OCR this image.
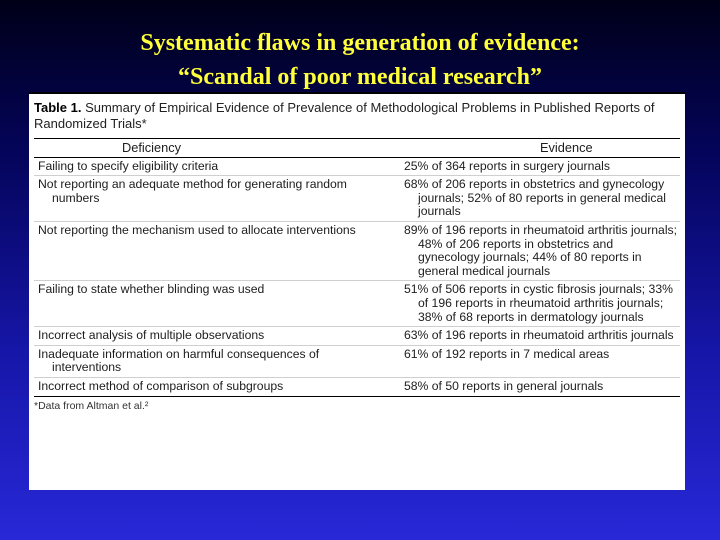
Systematic flaws in generation of evidence:
“Scandal of poor medical research”
Table 1. Summary of Empirical Evidence of Prevalence of Methodological Problems in Published Reports of Randomized Trials*
Deficiency	Evidence

Failing to specify eligibility criteria	25% of 364 reports in surgery journals

Not reporting an adequate method for generating random numbers	68% of 206 reports in obstetrics and gynecology journals; 52% of 80 reports in general medical journals

Not reporting the mechanism used to allocate interventions	89% of 196 reports in rheumatoid arthritis journals; 48% of 206 reports in obstetrics and gynecology journals; 44% of 80 reports in general medical journals

Failing to state whether blinding was used	51% of 506 reports in cystic fibrosis journals; 33% of 196 reports in rheumatoid arthritis journals; 38% of 68 reports in dermatology journals

Incorrect analysis of multiple observations	63% of 196 reports in rheumatoid arthritis journals

Inadequate information on harmful consequences of interventions	61% of 192 reports in 7 medical areas

Incorrect method of comparison of subgroups	58% of 50 reports in general journals
*Data from Altman et al.²
